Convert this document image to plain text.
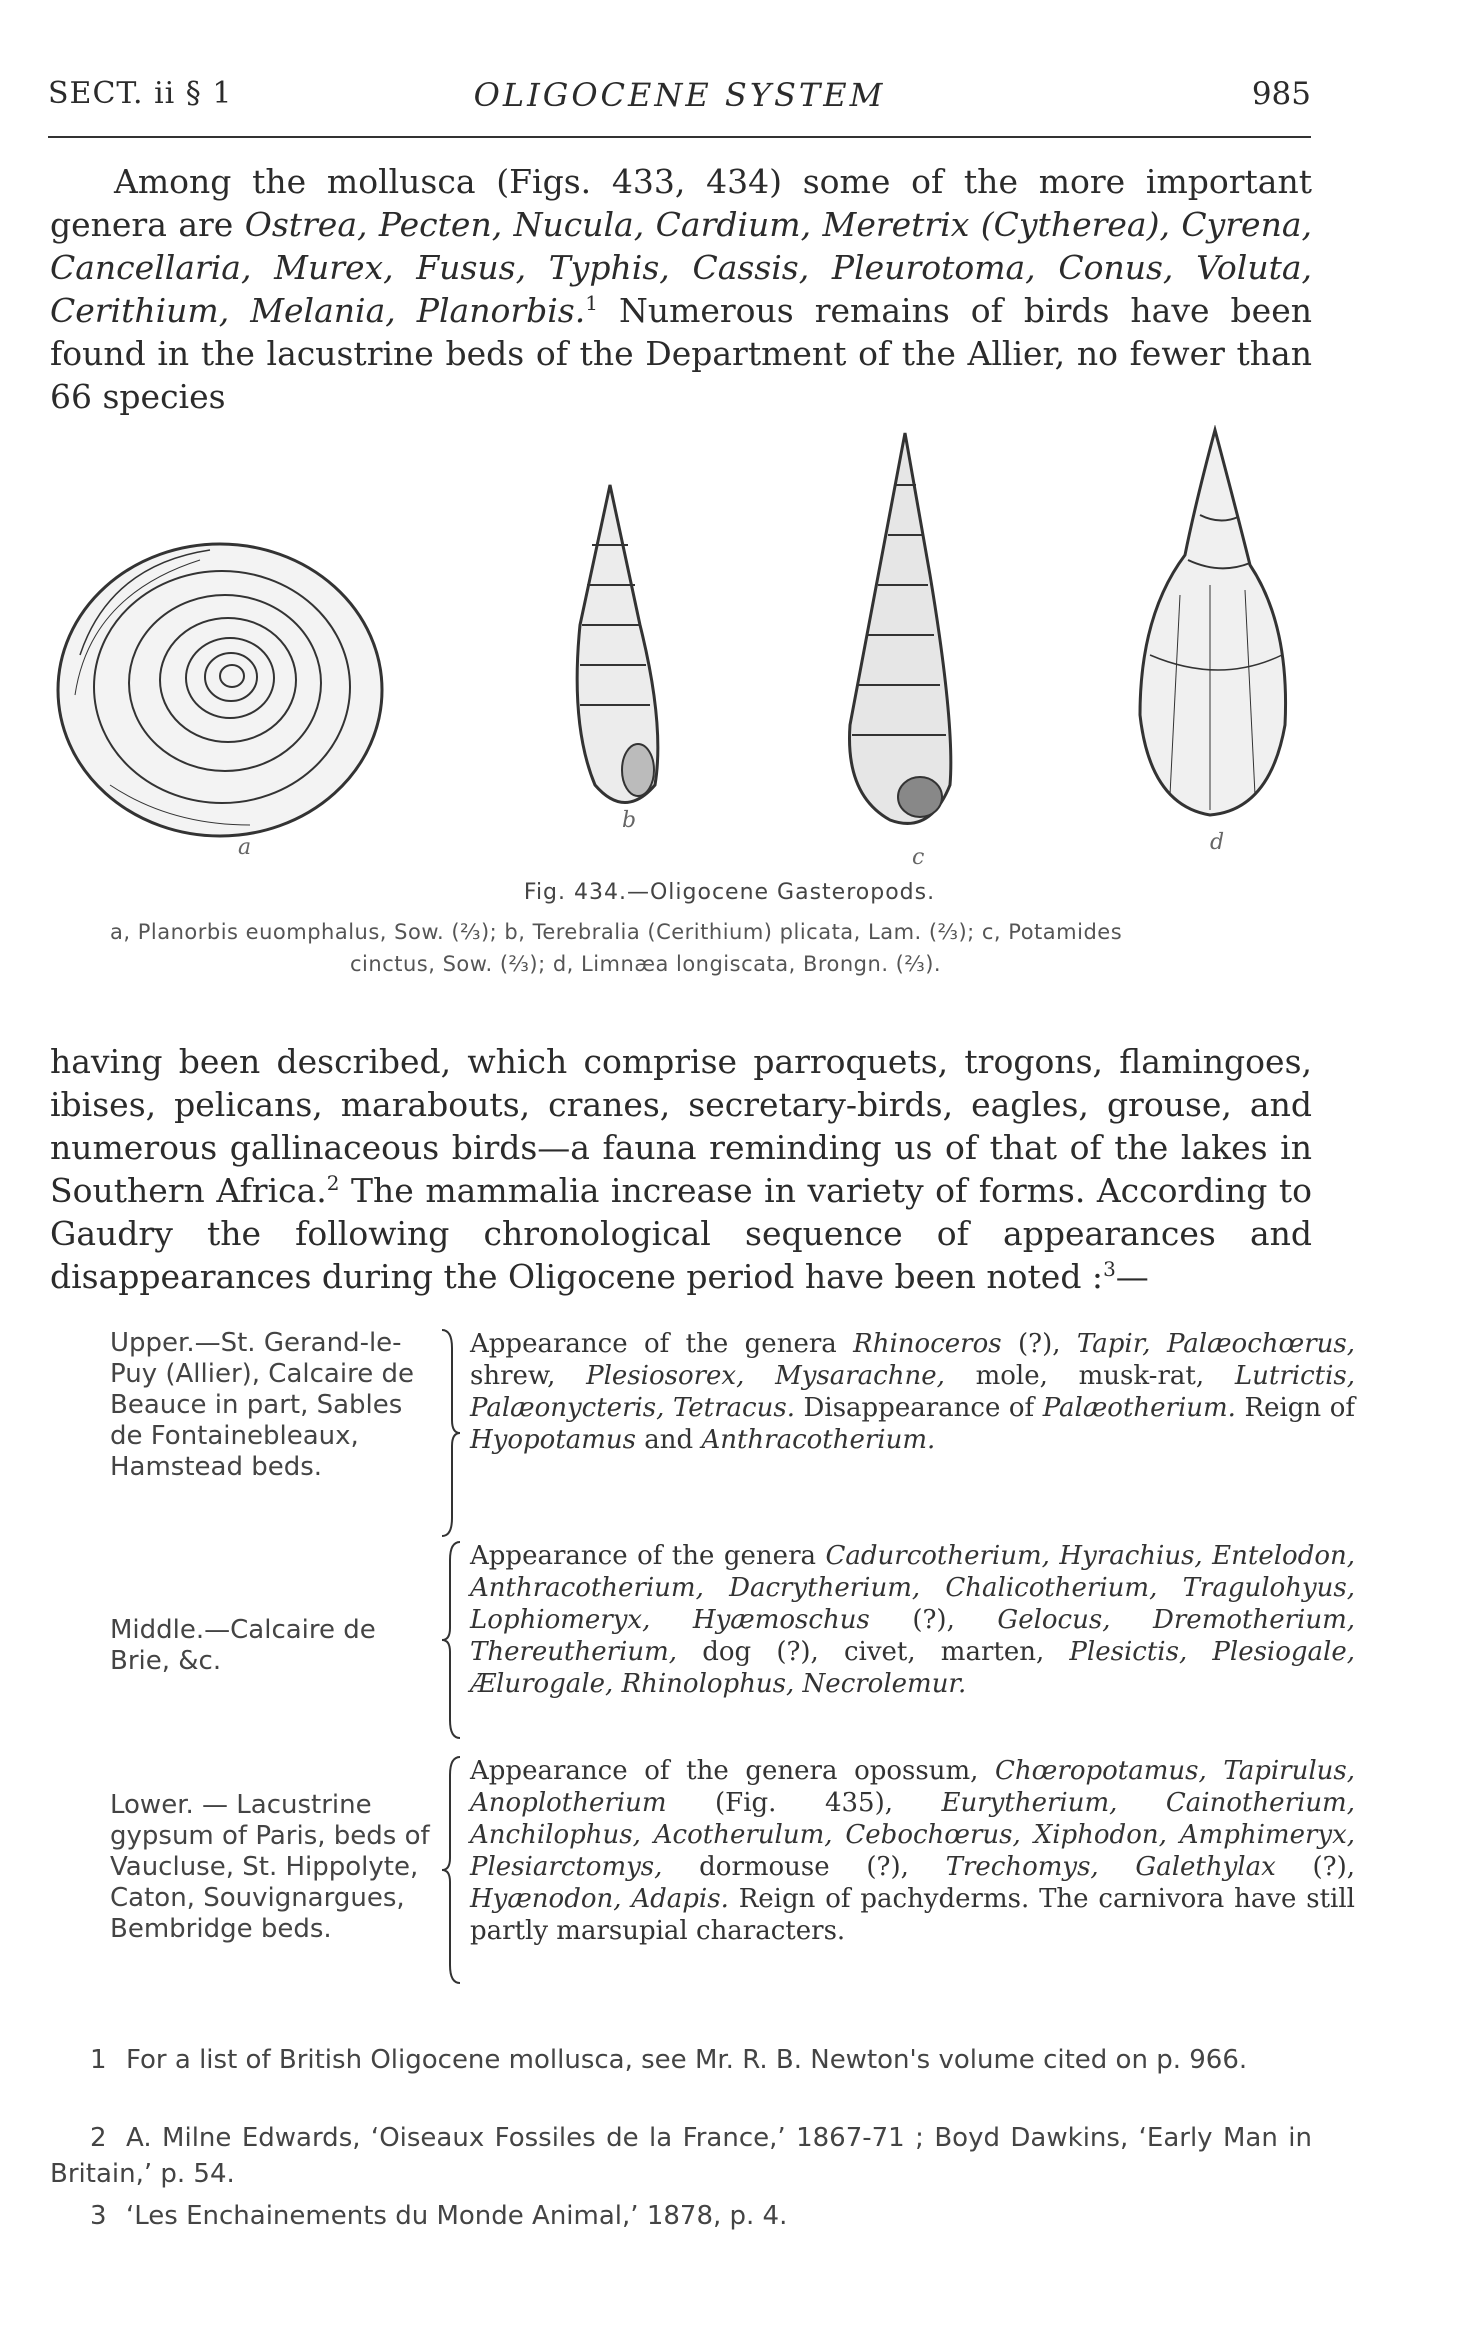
SECT. ii § 1	OLIGOCENE SYSTEM	985

Among the mollusca (Figs. 433, 434) some of the more important genera are Ostrea, Pecten, Nucula, Cardium, Meretrix (Cytherea), Cyrena, Cancellaria, Murex, Fusus, Typhis, Cassis, Pleurotoma, Conus, Voluta, Cerithium, Melania, Planorbis.$^1$ Numerous remains of birds have been found in the lacustrine beds of the Department of the Allier, no fewer than 66 species

a
b
c
d
Fig. 434.—Oligocene Gasteropods.
a, Planorbis euomphalus, Sow. (⅔); b, Terebralia (Cerithium) plicata, Lam. (⅔); c, Potamides
cinctus, Sow. (⅔); d, Limnæa longiscata, Brongn. (⅔).

having been described, which comprise parroquets, trogons, flamingoes, ibises, pelicans, marabouts, cranes, secretary-birds, eagles, grouse, and numerous gallinaceous birds—a fauna reminding us of that of the lakes in Southern Africa.$^2$ The mammalia increase in variety of forms. According to Gaudry the following chronological sequence of appearances and disappearances during the Oligocene period have been noted :$^3$—

Upper.—St. Gerand-le-Puy (Allier), Calcaire de Beauce in part, Sables de Fontainebleaux, Hamstead beds.
Appearance of the genera Rhinoceros (?), Tapir, Palæochœrus, shrew, Plesiosorex, Mysarachne, mole, musk-rat, Lutrictis, Palæonycteris, Tetracus. Disappearance of Palæotherium. Reign of Hyopotamus and Anthracotherium.
Middle.—Calcaire de Brie, &c.
Appearance of the genera Cadurcotherium, Hyrachius, Entelodon, Anthracotherium, Dacrytherium, Chalicotherium, Tragulohyus, Lophiomeryx, Hyæmoschus (?), Gelocus, Dremotherium, Thereutherium, dog (?), civet, marten, Plesictis, Plesiogale, Ælurogale, Rhinolophus, Necrolemur.
Lower. — Lacustrine gypsum of Paris, beds of Vaucluse, St. Hippolyte, Caton, Souvignargues, Bembridge beds.
Appearance of the genera opossum, Chœropotamus, Tapirulus, Anoplotherium (Fig. 435), Eurytherium, Cainotherium, Anchilophus, Acotherulum, Cebochœrus, Xiphodon, Amphimeryx, Plesiarctomys, dormouse (?), Trechomys, Galethylax (?), Hyænodon, Adapis. Reign of pachyderms. The carnivora have still partly marsupial characters.
1 For a list of British Oligocene mollusca, see Mr. R. B. Newton's volume cited on p. 966.
2 A. Milne Edwards, ‘Oiseaux Fossiles de la France,’ 1867-71 ; Boyd Dawkins, ‘Early Man in Britain,’ p. 54.
3 ‘Les Enchainements du Monde Animal,’ 1878, p. 4.
